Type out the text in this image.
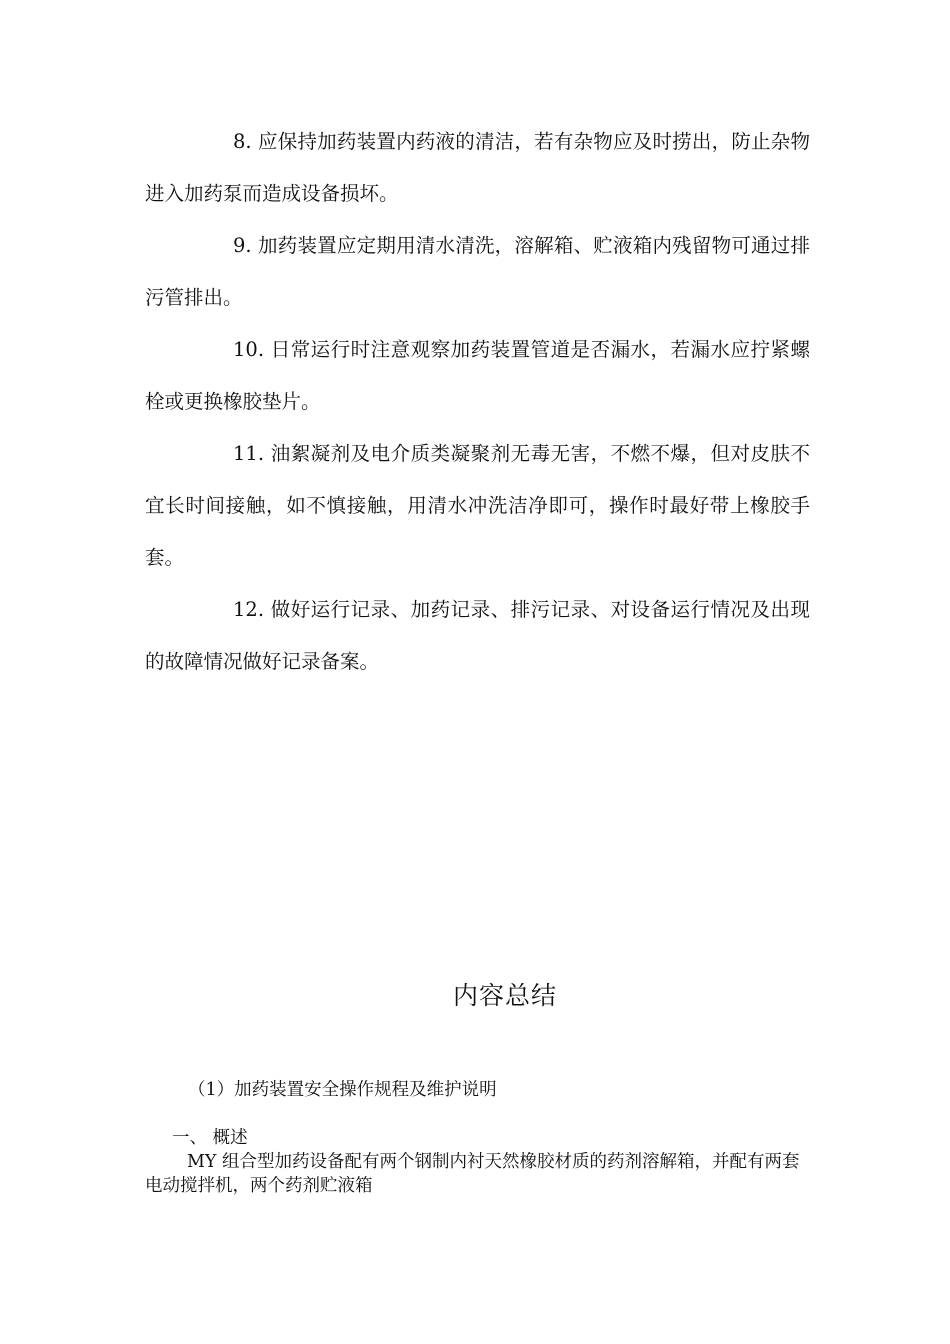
8. 应保持加药装置内药液的清洁，若有杂物应及时捞出，防止杂物进入加药泵而造成设备损坏。

9. 加药装置应定期用清水清洗，溶解箱、贮液箱内残留物可通过排污管排出。

10. 日常运行时注意观察加药装置管道是否漏水，若漏水应拧紧螺栓或更换橡胶垫片。

11. 油絮凝剂及电介质类凝聚剂无毒无害，不燃不爆，但对皮肤不宜长时间接触，如不慎接触，用清水冲洗洁净即可，操作时最好带上橡胶手套。

12. 做好运行记录、加药记录、排污记录、对设备运行情况及出现的故障情况做好记录备案。

内容总结
（1）加药装置安全操作规程及维护说明
一、 概述

MY 组合型加药设备配有两个钢制内衬天然橡胶材质的药剂溶解箱，并配有两套电动搅拌机，两个药剂贮液箱
